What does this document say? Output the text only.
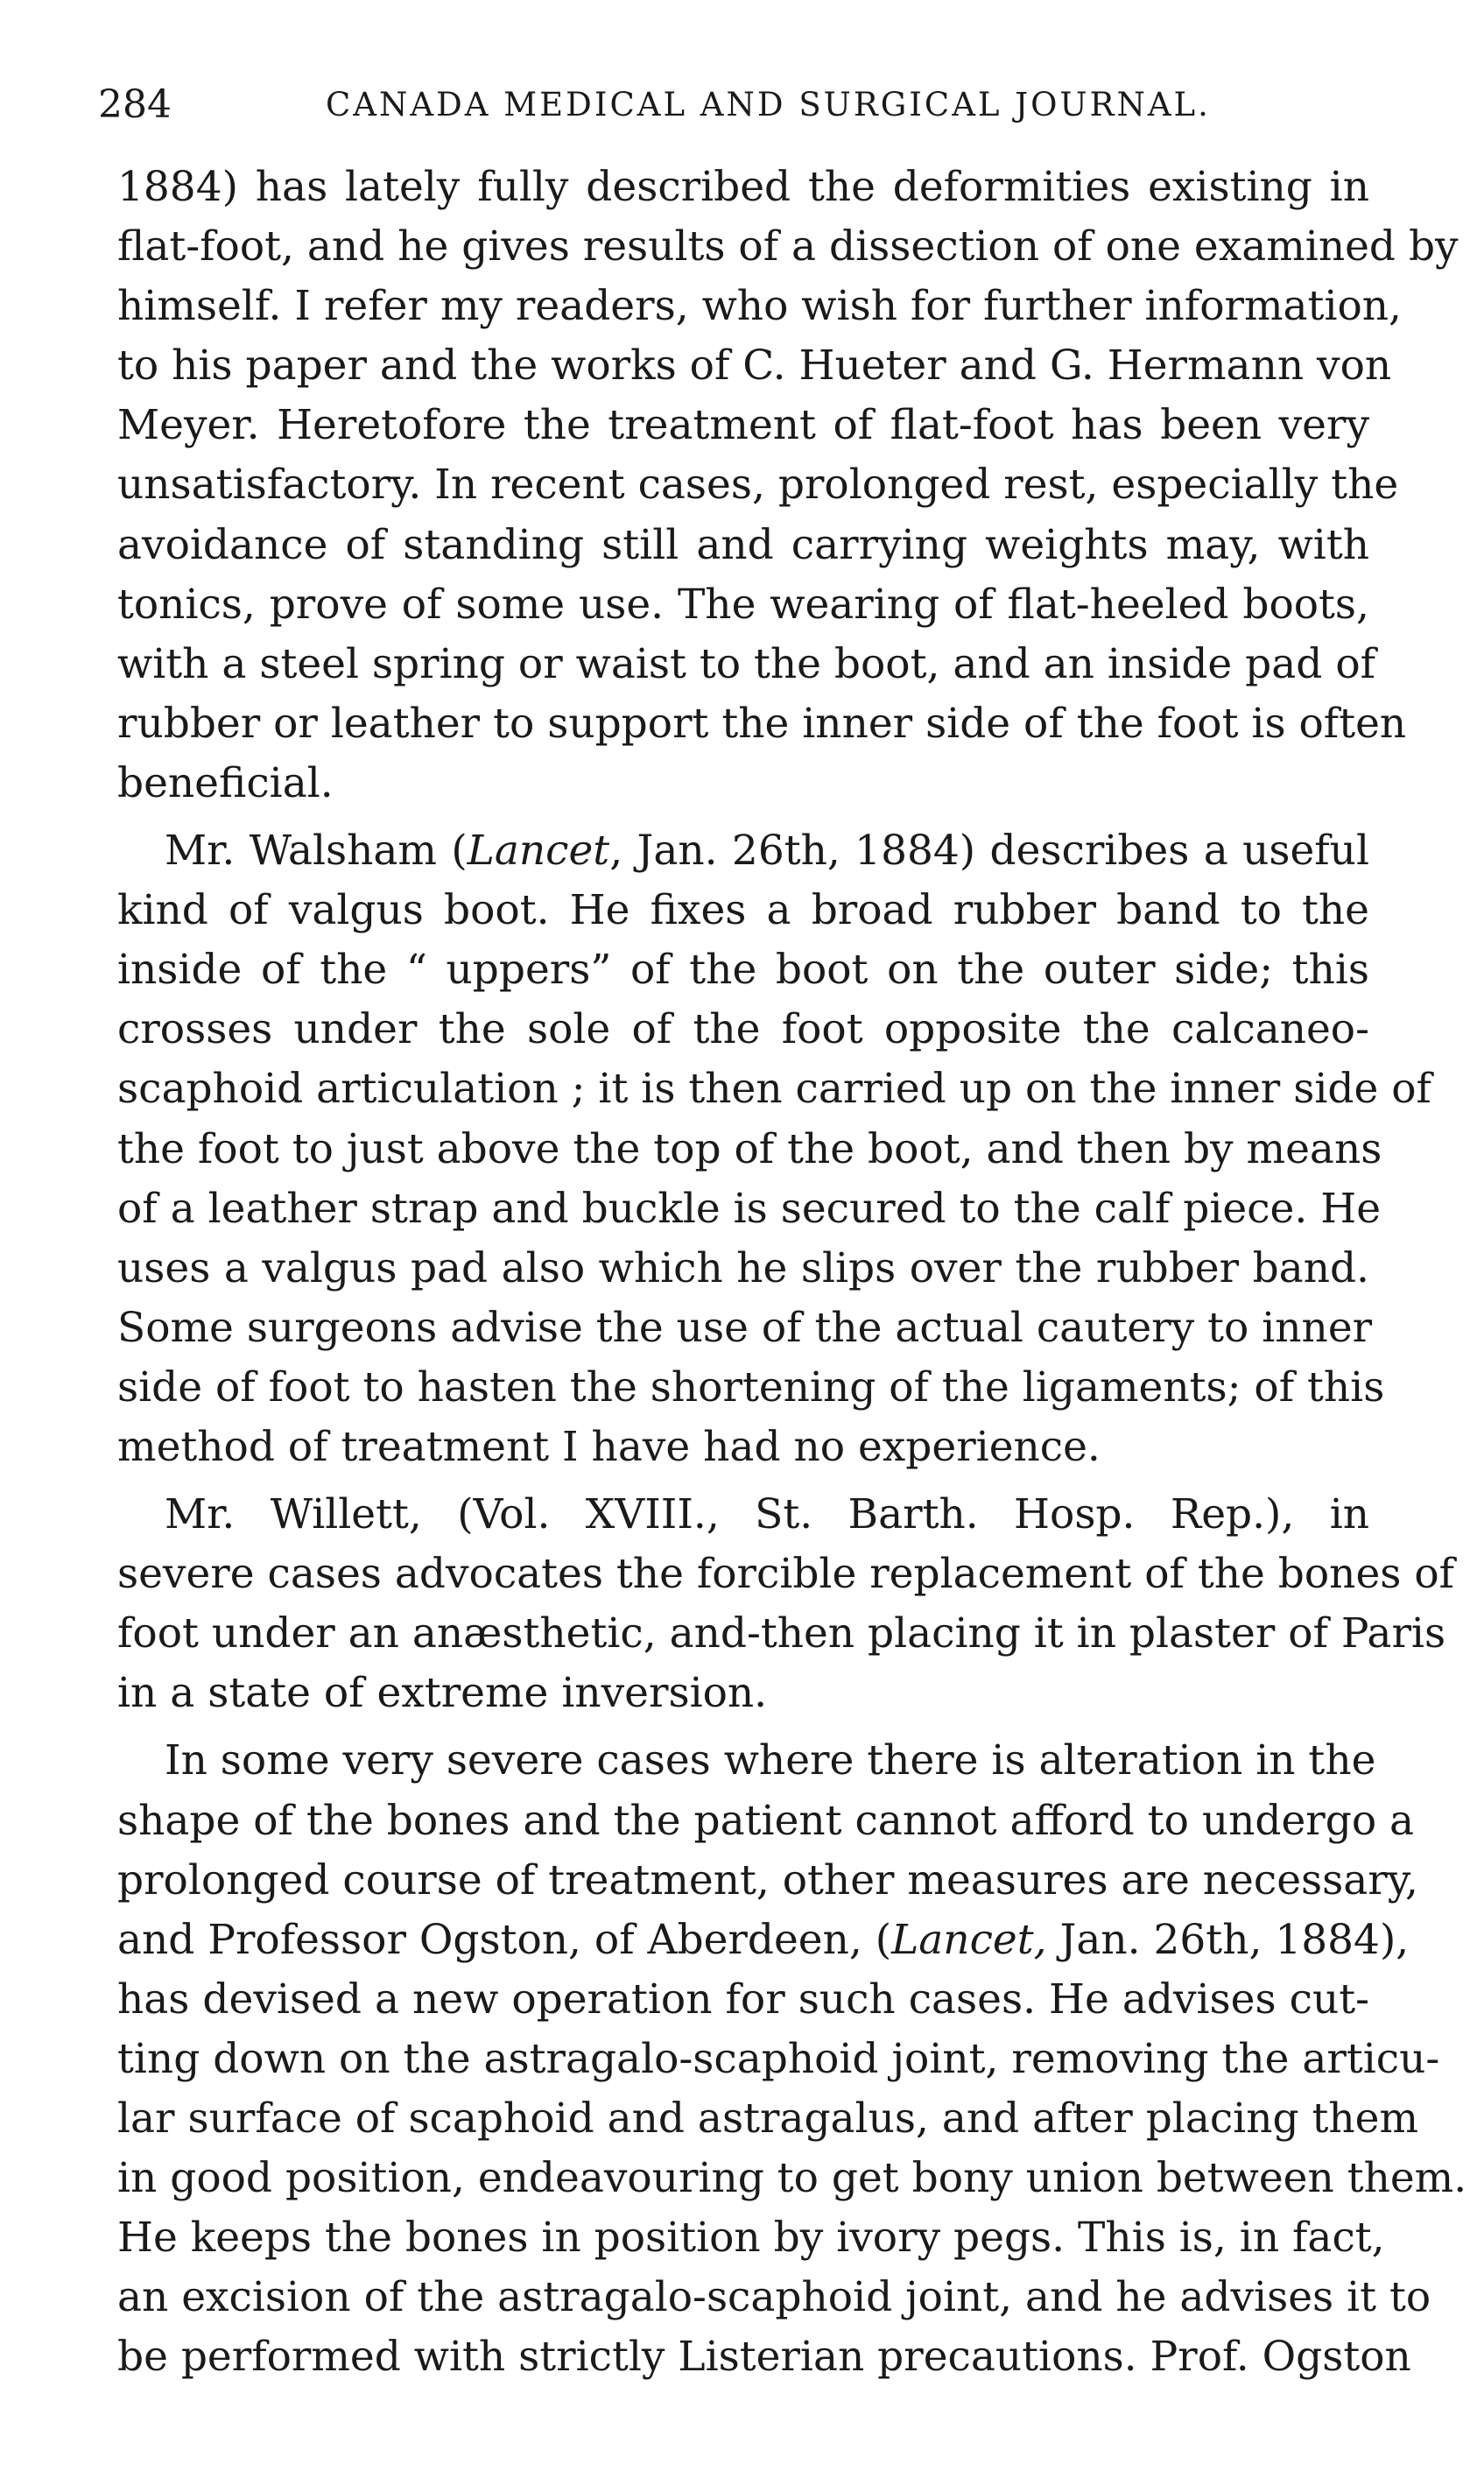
284	CANADA MEDICAL AND SURGICAL JOURNAL.

1884) has lately fully described the deformities existing in
flat-foot, and he gives results of a dissection of one examined by
himself. I refer my readers, who wish for further information,
to his paper and the works of C. Hueter and G. Hermann von
Meyer. Heretofore the treatment of flat-foot has been very
unsatisfactory. In recent cases, prolonged rest, especially the
avoidance of standing still and carrying weights may, with
tonics, prove of some use. The wearing of flat-heeled boots,
with a steel spring or waist to the boot, and an inside pad of
rubber or leather to support the inner side of the foot is often
beneficial.

Mr. Walsham (Lancet, Jan. 26th, 1884) describes a useful
kind of valgus boot. He fixes a broad rubber band to the
inside of the “ uppers” of the boot on the outer side; this
crosses under the sole of the foot opposite the calcaneo-
scaphoid articulation ; it is then carried up on the inner side of
the foot to just above the top of the boot, and then by means
of a leather strap and buckle is secured to the calf piece. He
uses a valgus pad also which he slips over the rubber band.
Some surgeons advise the use of the actual cautery to inner
side of foot to hasten the shortening of the ligaments; of this
method of treatment I have had no experience.

Mr. Willett, (Vol. XVIII., St. Barth. Hosp. Rep.), in
severe cases advocates the forcible replacement of the bones of
foot under an anæsthetic, and-then placing it in plaster of Paris
in a state of extreme inversion.

In some very severe cases where there is alteration in the
shape of the bones and the patient cannot afford to undergo a
prolonged course of treatment, other measures are necessary,
and Professor Ogston, of Aberdeen, (Lancet, Jan. 26th, 1884),
has devised a new operation for such cases. He advises cut-
ting down on the astragalo-scaphoid joint, removing the articu-
lar surface of scaphoid and astragalus, and after placing them
in good position, endeavouring to get bony union between them.
He keeps the bones in position by ivory pegs. This is, in fact,
an excision of the astragalo-scaphoid joint, and he advises it to
be performed with strictly Listerian precautions. Prof. Ogston
